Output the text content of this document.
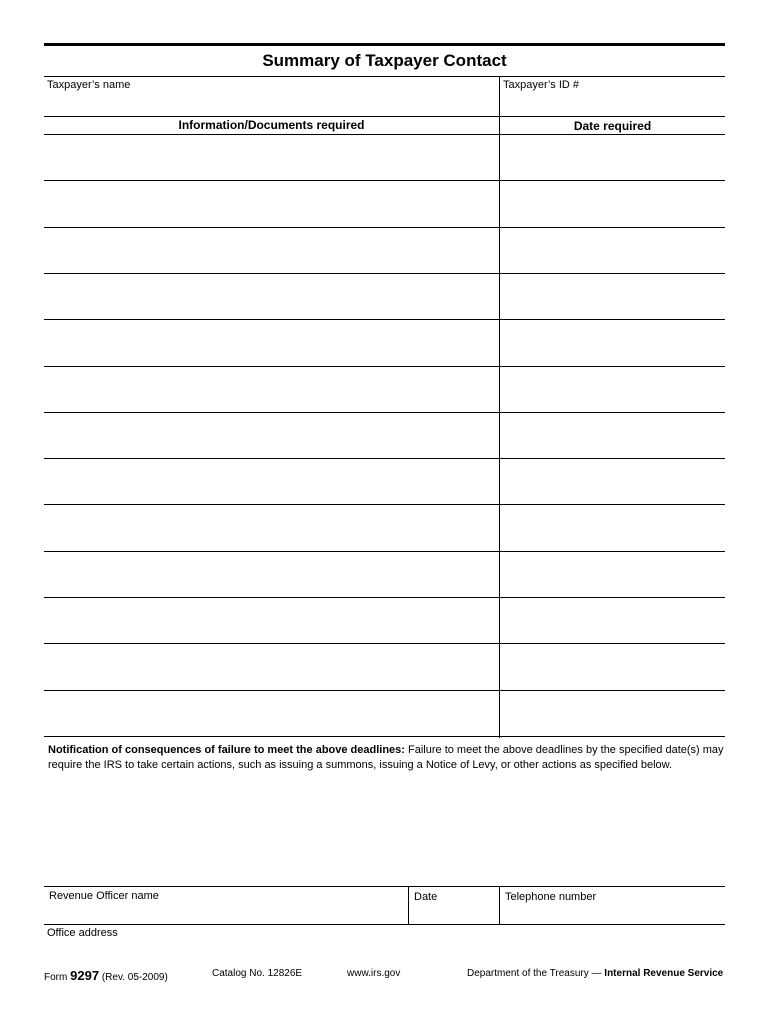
Summary of Taxpayer Contact
Taxpayer’s name	Taxpayer’s ID #
Information/Documents required	Date required
Notification of consequences of failure to meet the above deadlines: Failure to meet the above deadlines by the specified date(s) may require the IRS to take certain actions, such as issuing a summons, issuing a Notice of Levy, or other actions as specified below.
Revenue Officer name	Date	Telephone number
Office address
Form 9297 (Rev. 05-2009)	Catalog No. 12826E	www.irs.gov	Department of the Treasury — Internal Revenue Service
